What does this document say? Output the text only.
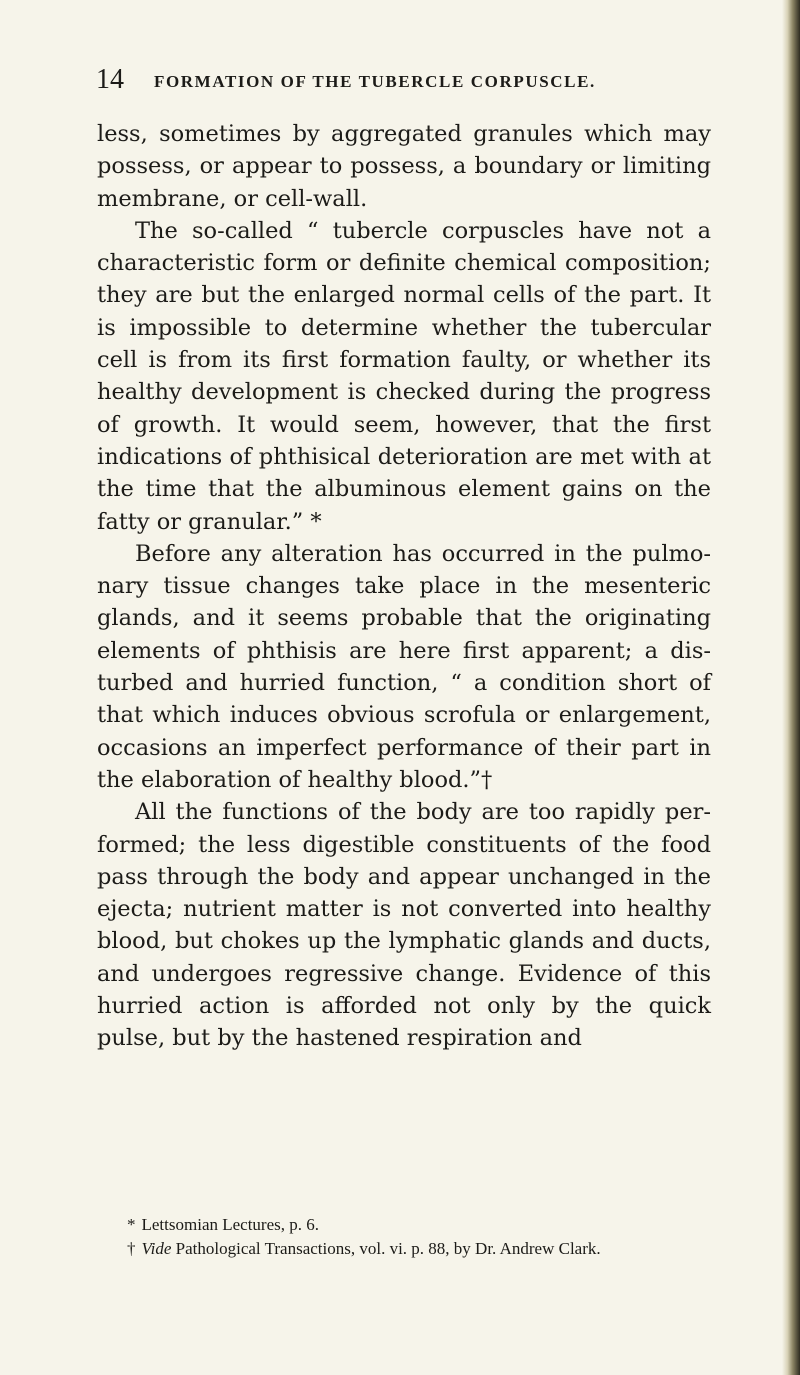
14 FORMATION OF THE TUBERCLE CORPUSCLE.

less, sometimes by aggregated granules which may possess, or appear to possess, a boundary or limiting membrane, or cell-wall.

The so-called “ tubercle corpuscles have not a characteristic form or definite chemical composition; they are but the enlarged normal cells of the part. It is impossible to determine whether the tubercular cell is from its first formation faulty, or whether its healthy development is checked during the progress of growth. It would seem, however, that the first indications of phthisical deterioration are met with at the time that the albuminous element gains on the fatty or granular.” *

Before any alteration has occurred in the pulmo- nary tissue changes take place in the mesenteric glands, and it seems probable that the originating elements of phthisis are here first apparent; a dis- turbed and hurried function, “ a condition short of that which induces obvious scrofula or enlargement, occasions an imperfect performance of their part in the elaboration of healthy blood.”†

All the functions of the body are too rapidly per- formed; the less digestible constituents of the food pass through the body and appear unchanged in the ejecta; nutrient matter is not converted into healthy blood, but chokes up the lymphatic glands and ducts, and undergoes regressive change. Evidence of this hurried action is afforded not only by the quick pulse, but by the hastened respiration and

* Lettsomian Lectures, p. 6.

† Vide Pathological Transactions, vol. vi. p. 88, by Dr. Andrew Clark.
